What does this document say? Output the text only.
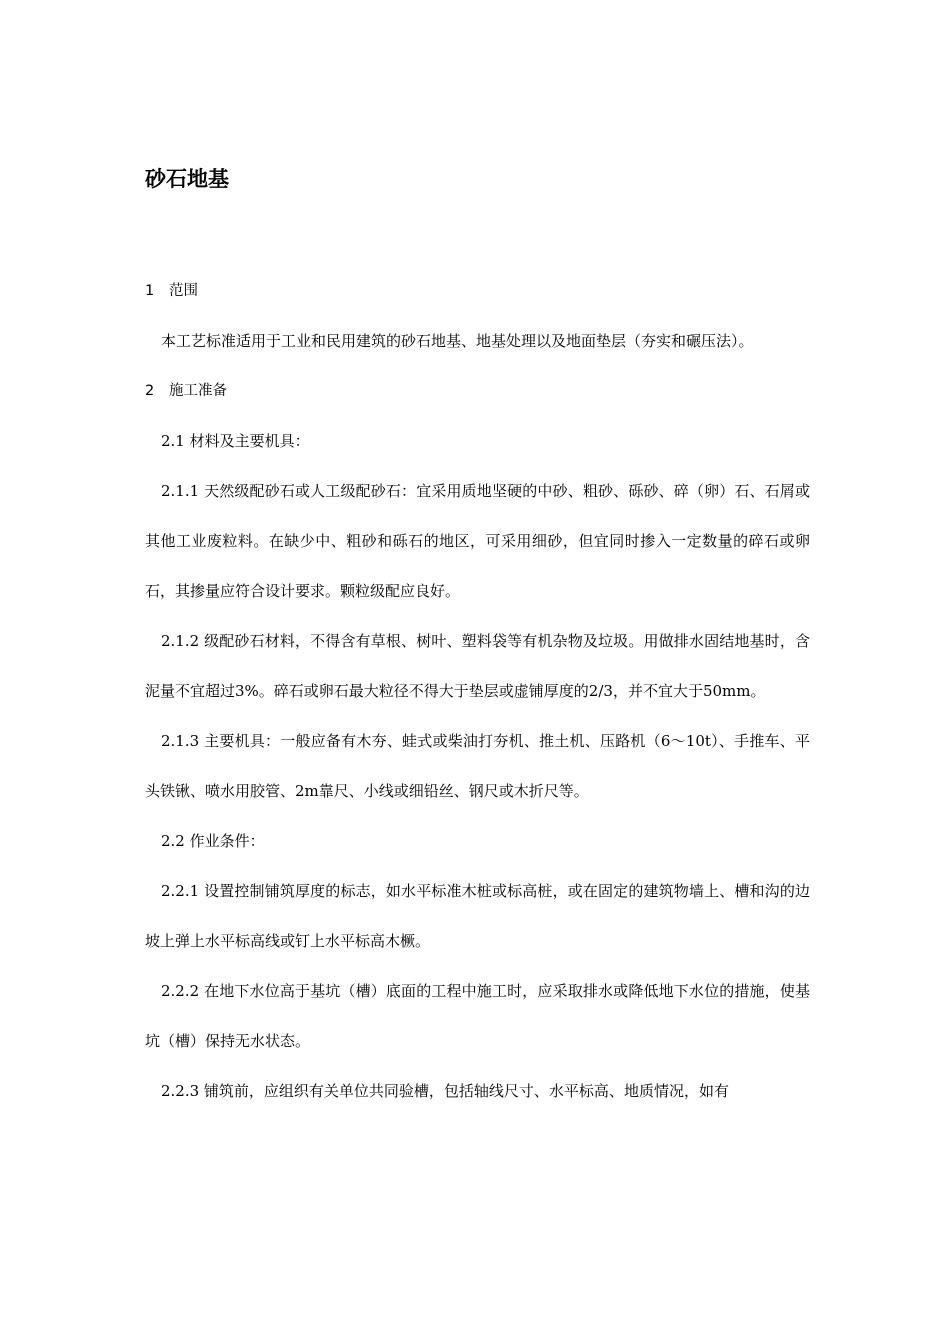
砂石地基

1 范围

本工艺标准适用于工业和民用建筑的砂石地基、地基处理以及地面垫层（夯实和碾压法）。

2 施工准备

2.1 材料及主要机具：

2.1.1 天然级配砂石或人工级配砂石：宜采用质地坚硬的中砂、粗砂、砾砂、碎（卵）石、石屑或其他工业废粒料。在缺少中、粗砂和砾石的地区，可采用细砂，但宜同时掺入一定数量的碎石或卵石，其掺量应符合设计要求。颗粒级配应良好。

2.1.2 级配砂石材料，不得含有草根、树叶、塑料袋等有机杂物及垃圾。用做排水固结地基时，含泥量不宜超过3%。碎石或卵石最大粒径不得大于垫层或虚铺厚度的2/3，并不宜大于50mm。

2.1.3 主要机具：一般应备有木夯、蛙式或柴油打夯机、推土机、压路机（6～10t）、手推车、平头铁锹、喷水用胶管、2m靠尺、小线或细铅丝、钢尺或木折尺等。

2.2 作业条件：

2.2.1 设置控制铺筑厚度的标志，如水平标准木桩或标高桩，或在固定的建筑物墙上、槽和沟的边坡上弹上水平标高线或钉上水平标高木橛。

2.2.2 在地下水位高于基坑（槽）底面的工程中施工时，应采取排水或降低地下水位的措施，使基坑（槽）保持无水状态。

2.2.3 铺筑前，应组织有关单位共同验槽，包括轴线尺寸、水平标高、地质情况，如有
